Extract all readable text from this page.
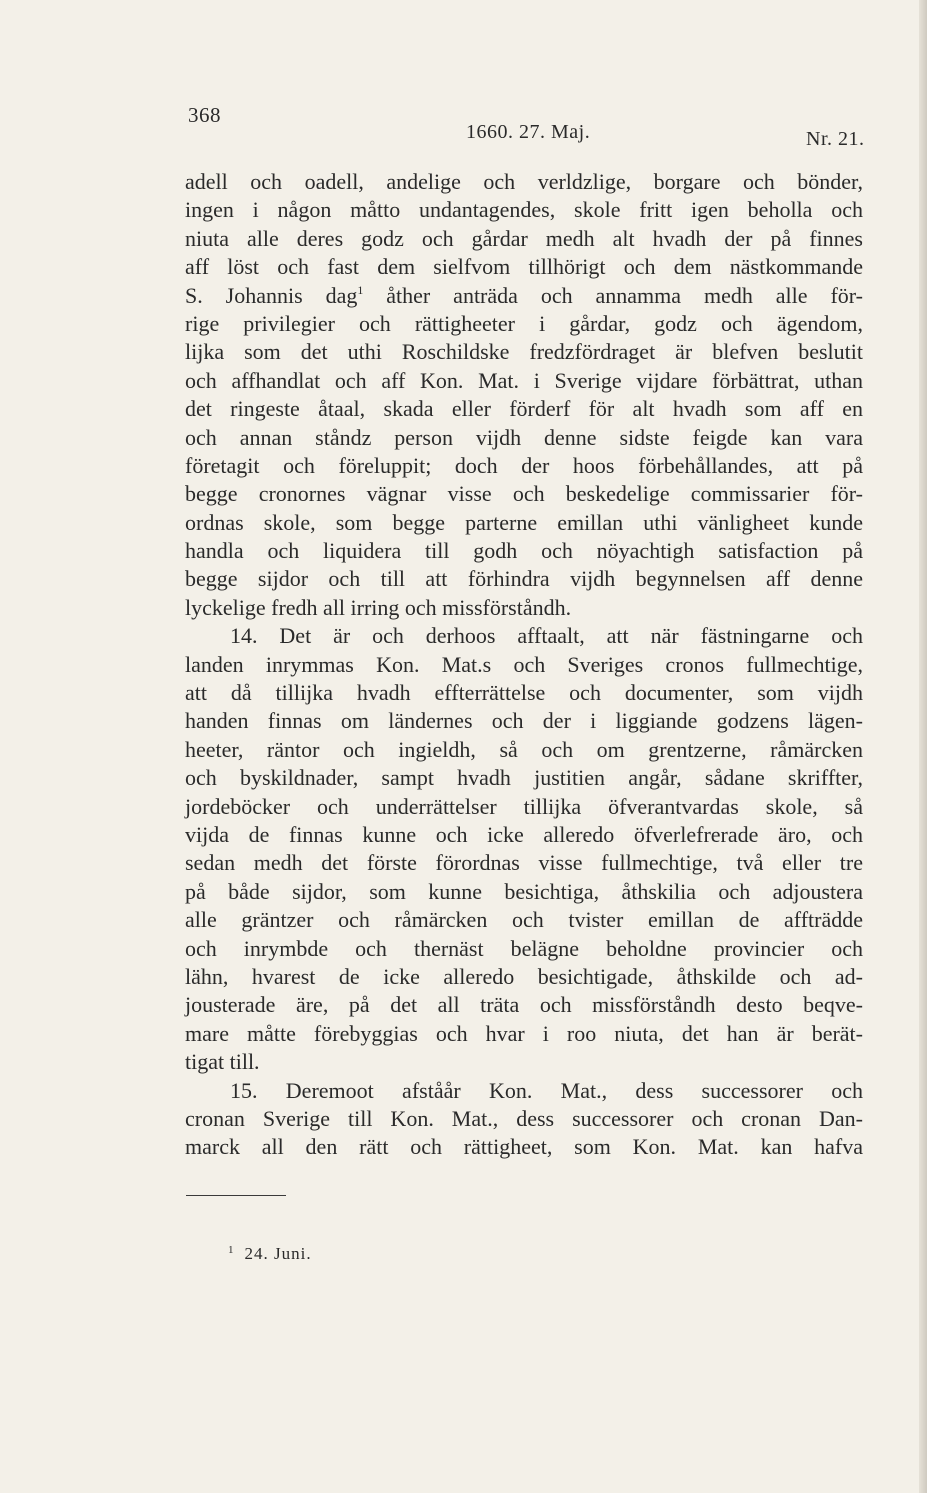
368
1660. 27. Maj.	Nr. 21.
adell och oadell, andelige och verldzlige, borgare och bönder,
ingen i någon måtto undantagendes, skole fritt igen beholla och
niuta alle deres godz och gårdar medh alt hvadh der på finnes
aff löst och fast dem sielfvom tillhörigt och dem nästkommande
S. Johannis dag$^1$ åther anträda och annamma medh alle för-
rige privilegier och rättigheeter i gårdar, godz och ägendom,
lijka som det uthi Roschildske fredzfördraget är blefven beslutit
och affhandlat och aff Kon. Mat. i Sverige vijdare förbättrat, uthan
det ringeste åtaal, skada eller förderf för alt hvadh som aff en
och annan ståndz person vijdh denne sidste feigde kan vara
företagit och föreluppit; doch der hoos förbehållandes, att på
begge cronornes vägnar visse och beskedelige commissarier för-
ordnas skole, som begge parterne emillan uthi vänligheet kunde
handla och liquidera till godh och nöyachtigh satisfaction på
begge sijdor och till att förhindra vijdh begynnelsen aff denne
lyckelige fredh all irring och missförståndh.
14. Det är och derhoos afftaalt, att när fästningarne och
landen inrymmas Kon. Mat.s och Sveriges cronos fullmechtige,
att då tillijka hvadh effterrättelse och documenter, som vijdh
handen finnas om ländernes och der i liggiande godzens lägen-
heeter, räntor och ingieldh, så och om grentzerne, råmärcken
och byskildnader, sampt hvadh justitien angår, sådane skriffter,
jordeböcker och underrättelser tillijka öfverantvardas skole, så
vijda de finnas kunne och icke alleredo öfverlefrerade äro, och
sedan medh det förste förordnas visse fullmechtige, två eller tre
på både sijdor, som kunne besichtiga, åthskilia och adjoustera
alle gräntzer och råmärcken och tvister emillan de affträdde
och inrymbde och thernäst belägne beholdne provincier och
lähn, hvarest de icke alleredo besichtigade, åthskilde och ad-
jousterade äre, på det all träta och missförståndh desto beqve-
mare måtte förebyggias och hvar i roo niuta, det han är berät-
tigat till.
15. Deremoot afståår Kon. Mat., dess successorer och
cronan Sverige till Kon. Mat., dess successorer och cronan Dan-
marck all den rätt och rättigheet, som Kon. Mat. kan hafva
$^1$ 24. Juni.
